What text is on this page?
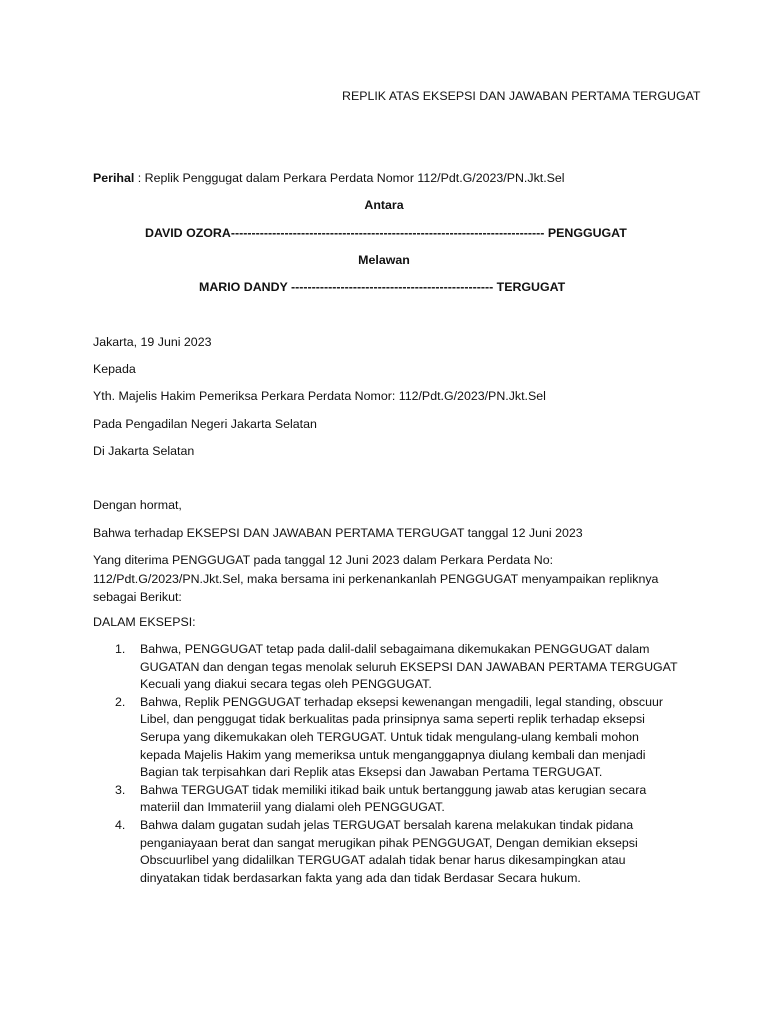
REPLIK ATAS EKSEPSI DAN JAWABAN PERTAMA TERGUGAT
Perihal : Replik Penggugat dalam Perkara Perdata Nomor 112/Pdt.G/2023/PN.Jkt.Sel
Antara
DAVID OZORA---------------------------------------------------------------------------- PENGGUGAT
Melawan
MARIO DANDY ------------------------------------------------- TERGUGAT
Jakarta, 19 Juni 2023
Kepada
Yth. Majelis Hakim Pemeriksa Perkara Perdata Nomor: 112/Pdt.G/2023/PN.Jkt.Sel
Pada Pengadilan Negeri Jakarta Selatan
Di Jakarta Selatan
Dengan hormat,
Bahwa terhadap EKSEPSI DAN JAWABAN PERTAMA TERGUGAT tanggal 12 Juni 2023
Yang diterima PENGGUGAT pada tanggal 12 Juni 2023 dalam Perkara Perdata No: 112/Pdt.G/2023/PN.Jkt.Sel, maka bersama ini perkenankanlah PENGGUGAT menyampaikan repliknya sebagai Berikut:
DALAM EKSEPSI:
1. Bahwa, PENGGUGAT tetap pada dalil-dalil sebagaimana dikemukakan PENGGUGAT dalam GUGATAN dan dengan tegas menolak seluruh EKSEPSI DAN JAWABAN PERTAMA TERGUGAT Kecuali yang diakui secara tegas oleh PENGGUGAT.
2. Bahwa, Replik PENGGUGAT terhadap eksepsi kewenangan mengadili, legal standing, obscuur Libel, dan penggugat tidak berkualitas pada prinsipnya sama seperti replik terhadap eksepsi Serupa yang dikemukakan oleh TERGUGAT. Untuk tidak mengulang-ulang kembali mohon kepada Majelis Hakim yang memeriksa untuk menganggapnya diulang kembali dan menjadi Bagian tak terpisahkan dari Replik atas Eksepsi dan Jawaban Pertama TERGUGAT.
3. Bahwa TERGUGAT tidak memiliki itikad baik untuk bertanggung jawab atas kerugian secara materiil dan Immateriil yang dialami oleh PENGGUGAT.
4. Bahwa dalam gugatan sudah jelas TERGUGAT bersalah karena melakukan tindak pidana penganiayaan berat dan sangat merugikan pihak PENGGUGAT, Dengan demikian eksepsi Obscuurlibel yang didalilkan TERGUGAT adalah tidak benar harus dikesampingkan atau dinyatakan tidak berdasarkan fakta yang ada dan tidak Berdasar Secara hukum.
